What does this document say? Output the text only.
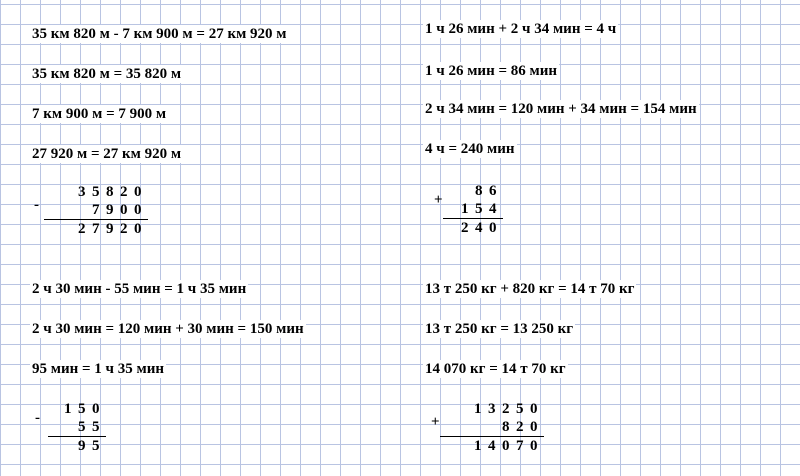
35 км 820 м - 7 км 900 м = 27 км 920 м
35 км 820 м = 35 820 м
7 км 900 м = 7 900 м
27 920 м = 27 км 920 м
-
35820
7900
27920
1 ч 26 мин + 2 ч 34 мин = 4 ч
1 ч 26 мин = 86 мин
2 ч 34 мин = 120 мин + 34 мин = 154 мин
4 ч = 240 мин
+
86
154
240
2 ч 30 мин - 55 мин = 1 ч 35 мин
2 ч 30 мин = 120 мин + 30 мин = 150 мин
95 мин = 1 ч 35 мин
-
150
55
95
13 т 250 кг + 820 кг = 14 т 70 кг
13 т 250 кг = 13 250 кг
14 070 кг = 14 т 70 кг
+
13250
820
14070
